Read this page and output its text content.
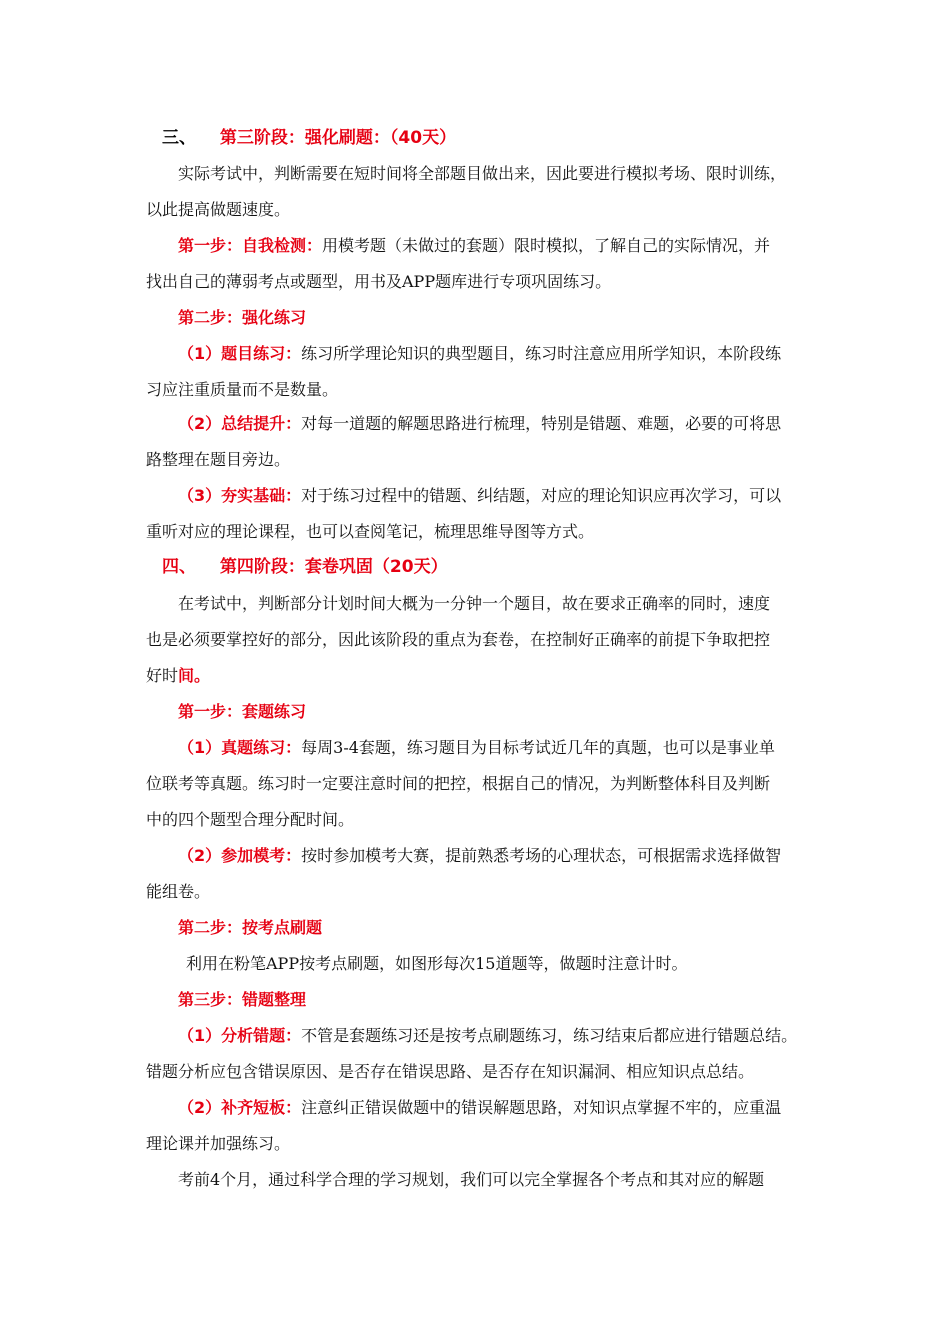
三、 第三阶段：强化刷题：（40天）
实际考试中，判断需要在短时间将全部题目做出来，因此要进行模拟考场、限时训练，
以此提高做题速度。
第一步：自我检测：用模考题（未做过的套题）限时模拟，了解自己的实际情况，并
找出自己的薄弱考点或题型，用书及APP题库进行专项巩固练习。
第二步：强化练习
（1）题目练习：练习所学理论知识的典型题目，练习时注意应用所学知识，本阶段练
习应注重质量而不是数量。
（2）总结提升：对每一道题的解题思路进行梳理，特别是错题、难题，必要的可将思
路整理在题目旁边。
（3）夯实基础：对于练习过程中的错题、纠结题，对应的理论知识应再次学习，可以
重听对应的理论课程，也可以查阅笔记，梳理思维导图等方式。
四、 第四阶段：套卷巩固（20天）
在考试中，判断部分计划时间大概为一分钟一个题目，故在要求正确率的同时，速度
也是必须要掌控好的部分，因此该阶段的重点为套卷，在控制好正确率的前提下争取把控
好时间。
第一步：套题练习
（1）真题练习：每周3-4套题，练习题目为目标考试近几年的真题，也可以是事业单
位联考等真题。练习时一定要注意时间的把控，根据自己的情况，为判断整体科目及判断
中的四个题型合理分配时间。
（2）参加模考：按时参加模考大赛，提前熟悉考场的心理状态，可根据需求选择做智
能组卷。
第二步：按考点刷题
利用在粉笔APP按考点刷题，如图形每次15道题等，做题时注意计时。
第三步：错题整理
（1）分析错题：不管是套题练习还是按考点刷题练习，练习结束后都应进行错题总结。
错题分析应包含错误原因、是否存在错误思路、是否存在知识漏洞、相应知识点总结。
（2）补齐短板：注意纠正错误做题中的错误解题思路，对知识点掌握不牢的，应重温
理论课并加强练习。
考前4个月，通过科学合理的学习规划，我们可以完全掌握各个考点和其对应的解题
